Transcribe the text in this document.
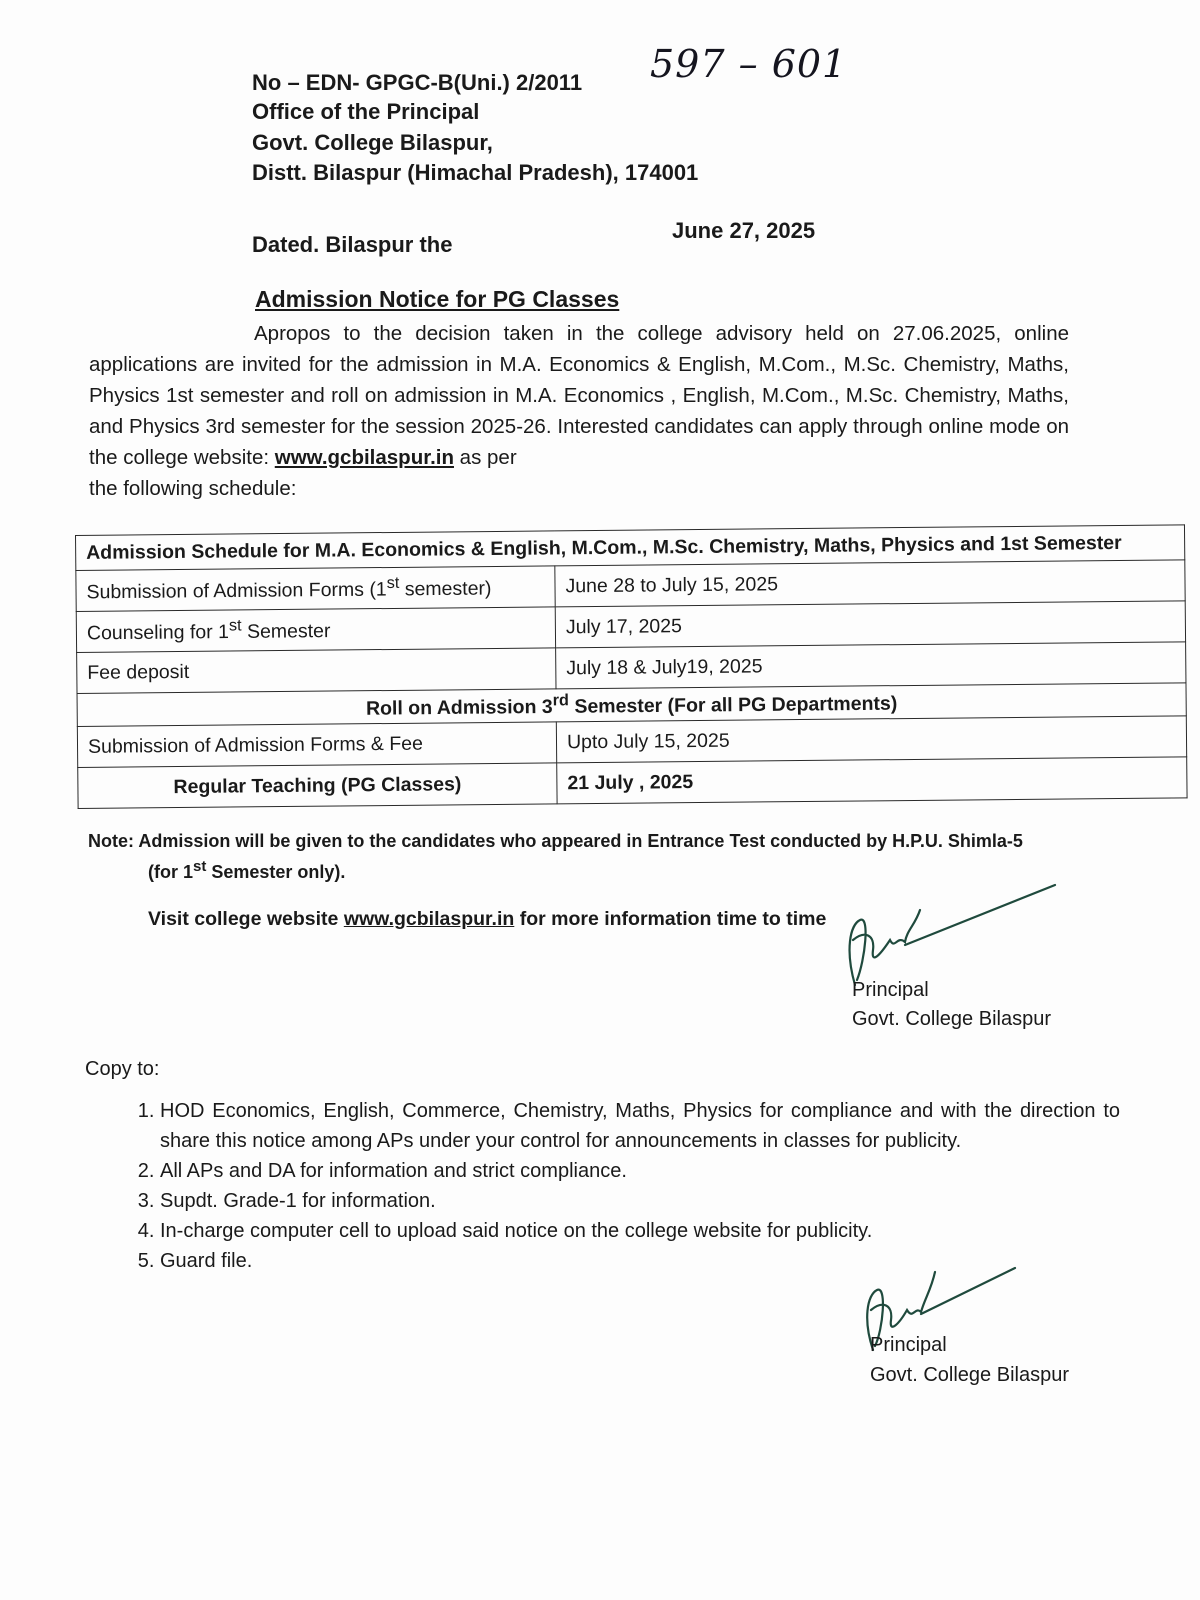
No – EDN- GPGC-B(Uni.) 2/2011 597 – 601
Office of the Principal
Govt. College Bilaspur,
Distt. Bilaspur (Himachal Pradesh), 174001
Dated. Bilaspur the
June 27, 2025
Admission Notice for PG Classes
Apropos to the decision taken in the college advisory held on 27.06.2025, online applications are invited for the admission in M.A. Economics & English, M.Com., M.Sc. Chemistry, Maths, Physics 1st semester and roll on admission in M.A. Economics , English, M.Com., M.Sc. Chemistry, Maths, and Physics 3rd semester for the session 2025-26. Interested candidates can apply through online mode on the college website: www.gcbilaspur.in as per
the following schedule:
Admission Schedule for M.A. Economics & English, M.Com., M.Sc. Chemistry, Maths, Physics and 1st Semester	
Submission of Admission Forms (1st semester)	June 28 to July 15, 2025
Counseling for 1st Semester	July 17, 2025
Fee deposit	July 18 & July19, 2025
Roll on Admission 3rd Semester (For all PG Departments)	
Submission of Admission Forms & Fee	Upto July 15, 2025
Regular Teaching (PG Classes)	21 July , 2025
Note: Admission will be given to the candidates who appeared in Entrance Test conducted by H.P.U. Shimla-5
(for 1st Semester only).
Visit college website www.gcbilaspur.in for more information time to time
Principal
Govt. College Bilaspur
Copy to:
1. HOD Economics, English, Commerce, Chemistry, Maths, Physics for compliance and with the direction to share this notice among APs under your control for announcements in classes for publicity.
2. All APs and DA for information and strict compliance.
3. Supdt. Grade-1 for information.
4. In-charge computer cell to upload said notice on the college website for publicity.
5. Guard file.
Principal
Govt. College Bilaspur
